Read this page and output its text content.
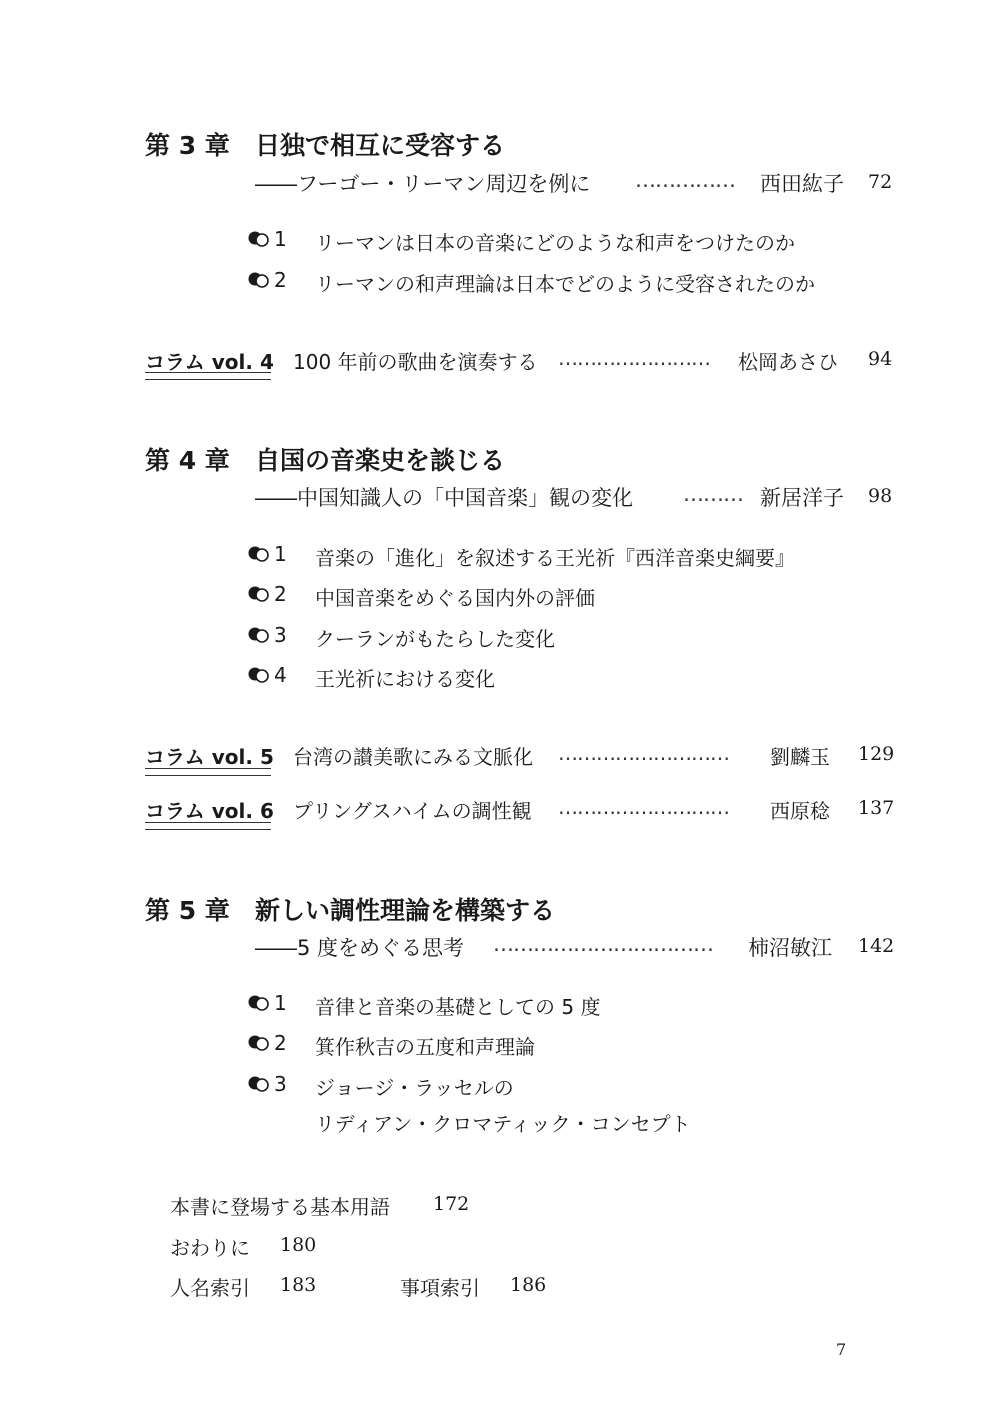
第 3 章 日独で相互に受容する
――フーゴー・リーマン周辺を例に …………… 西田紘子 72
1 リーマンは日本の音楽にどのような和声をつけたのか
2 リーマンの和声理論は日本でどのように受容されたのか
コラム vol. 4 100 年前の歌曲を演奏する …………………… 松岡あさひ 94
第 4 章 自国の音楽史を談じる
――中国知識人の「中国音楽」観の変化 ……… 新居洋子 98
1 音楽の「進化」を叙述する王光祈『西洋音楽史綱要』
2 中国音楽をめぐる国内外の評価
3 クーランがもたらした変化
4 王光祈における変化
コラム vol. 5 台湾の讃美歌にみる文脈化 ……………………… 劉麟玉 129
コラム vol. 6 プリングスハイムの調性観 ……………………… 西原稔 137
第 5 章 新しい調性理論を構築する
――5 度をめぐる思考 …………………………… 柿沼敏江 142
1 音律と音楽の基礎としての 5 度
2 箕作秋吉の五度和声理論
3 ジョージ・ラッセルの
リディアン・クロマティック・コンセプト
本書に登場する基本用語 172
おわりに 180
人名索引 183	事項索引 186
7
